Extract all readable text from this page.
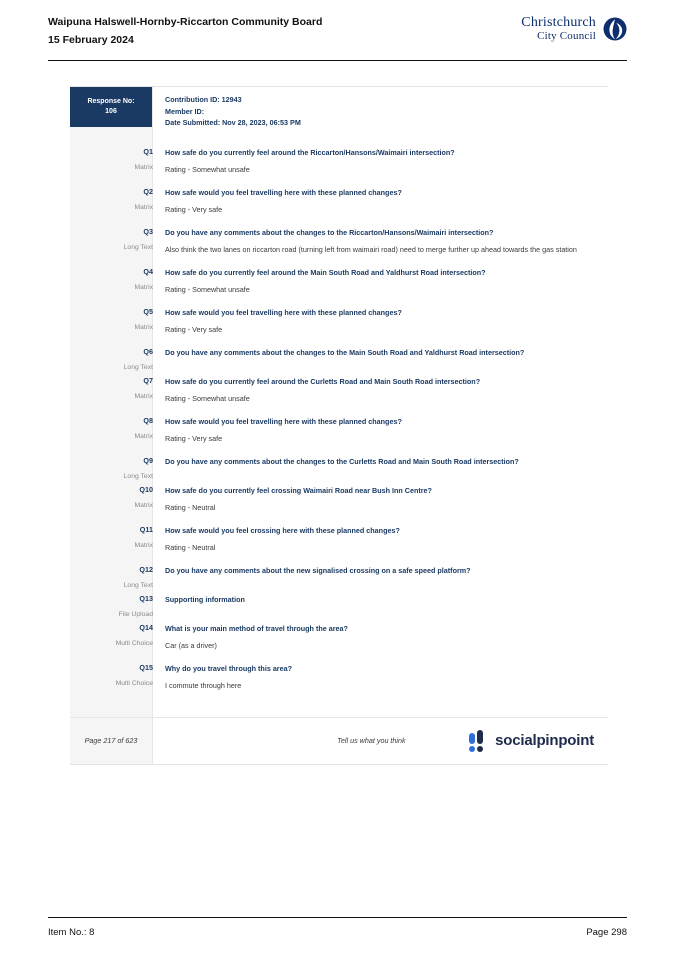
Waipuna Halswell-Hornby-Riccarton Community Board
15 February 2024
Christchurch
City Council
Response No:
106
Contribution ID: 12943
Member ID:
Date Submitted: Nov 28, 2023, 06:53 PM
Q1
Matrix
How safe do you currently feel around the Riccarton/Hansons/Waimairi intersection?
Rating - Somewhat unsafe
Q2
Matrix
How safe would you feel travelling here with these planned changes?
Rating - Very safe
Q3
Long Text
Do you have any comments about the changes to the Riccarton/Hansons/Waimairi intersection?
Also think the two lanes on riccarton road (turning left from waimairi road) need to merge further up ahead towards the gas station
Q4
Matrix
How safe do you currently feel around the Main South Road and Yaldhurst Road intersection?
Rating - Somewhat unsafe
Q5
Matrix
How safe would you feel travelling here with these planned changes?
Rating - Very safe
Q6
Long Text
Do you have any comments about the changes to the Main South Road and Yaldhurst Road intersection?
Q7
Matrix
How safe do you currently feel around the Curletts Road and Main South Road intersection?
Rating - Somewhat unsafe
Q8
Matrix
How safe would you feel travelling here with these planned changes?
Rating - Very safe
Q9
Long Text
Do you have any comments about the changes to the Curletts Road and Main South Road intersection?
Q10
Matrix
How safe do you currently feel crossing Waimairi Road near Bush Inn Centre?
Rating - Neutral
Q11
Matrix
How safe would you feel crossing here with these planned changes?
Rating - Neutral
Q12
Long Text
Do you have any comments about the new signalised crossing on a safe speed platform?
Q13
File Upload
Supporting information
Q14
Multi Choice
What is your main method of travel through the area?
Car (as a driver)
Q15
Multi Choice
Why do you travel through this area?
I commute through here
Page 217 of 623	Tell us what you think	socialpinpoint
Item No.: 8	Page 298
